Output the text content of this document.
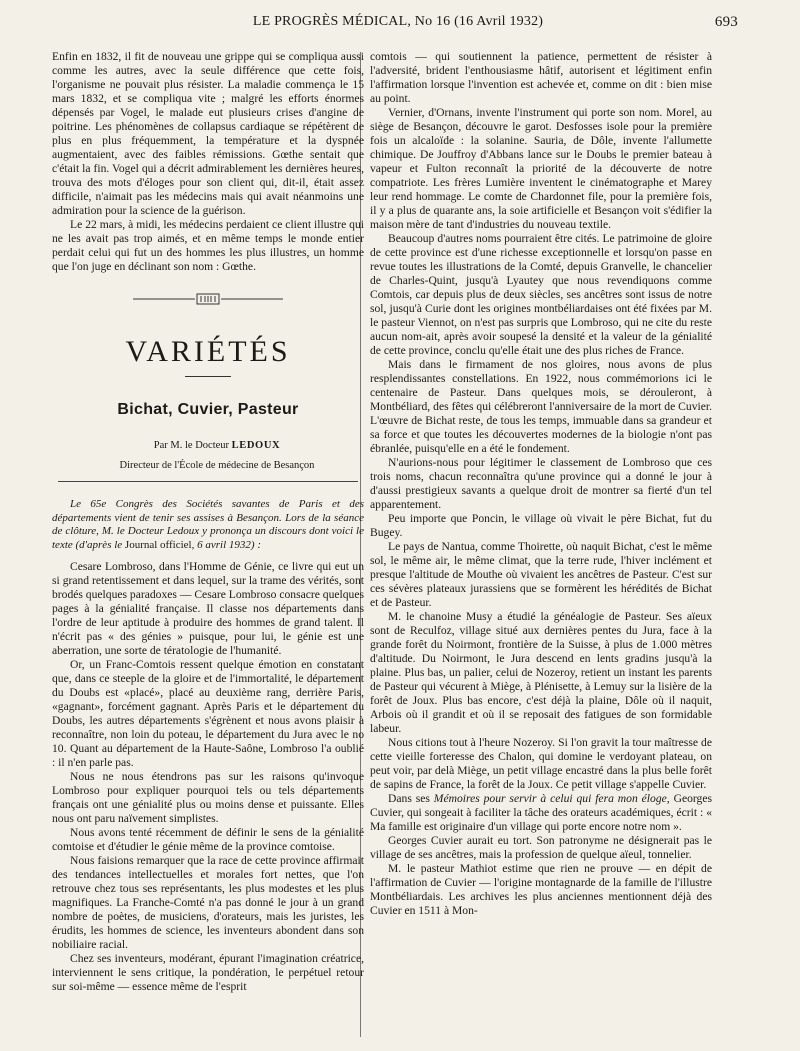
LE PROGRÈS MÉDICAL, No 16 (16 Avril 1932)	693

Enfin en 1832, il fit de nouveau une grippe qui se compliqua aussi comme les autres, avec la seule différence que cette fois, l'organisme ne pouvait plus résister. La maladie commença le 15 mars 1832, et se compliqua vite ; malgré les efforts énormes dépensés par Vogel, le malade eut plusieurs crises d'angine de poitrine. Les phénomènes de collapsus cardiaque se répétèrent de plus en plus fréquemment, la température et la dyspnée augmentaient, avec des faibles rémissions. Gœthe sentait que c'était la fin. Vogel qui a décrit admirablement les dernières heures, trouva des mots d'éloges pour son client qui, dit-il, était assez difficile, n'aimait pas les médecins mais qui avait néanmoins une admiration pour la science de la guérison.

Le 22 mars, à midi, les médecins perdaient ce client illustre qui ne les avait pas trop aimés, et en même temps le monde entier perdait celui qui fut un des hommes les plus illustres, un homme que l'on juge en déclinant son nom : Gœthe.

VARIÉTÉS
Bichat, Cuvier, Pasteur

Par M. le Docteur LEDOUX

Directeur de l'École de médecine de Besançon

Le 65e Congrès des Sociétés savantes de Paris et des départements vient de tenir ses assises à Besançon. Lors de la séance de clôture, M. le Docteur Ledoux y prononça un discours dont voici le texte (d'après le Journal officiel, 6 avril 1932) :

Cesare Lombroso, dans l'Homme de Génie, ce livre qui eut un si grand retentissement et dans lequel, sur la trame des vérités, sont brodés quelques paradoxes — Cesare Lombroso consacre quelques pages à la génialité française. Il classe nos départements dans l'ordre de leur aptitude à produire des hommes de grand talent. Il n'écrit pas « des génies » puisque, pour lui, le génie est une aberration, une sorte de tératologie de l'humanité.

Or, un Franc-Comtois ressent quelque émotion en constatant que, dans ce steeple de la gloire et de l'immortalité, le département du Doubs est «placé», placé au deuxième rang, derrière Paris, «gagnant», forcément gagnant. Après Paris et le département du Doubs, les autres départements s'égrènent et nous avons plaisir à reconnaître, non loin du poteau, le département du Jura avec le no 10. Quant au département de la Haute-Saône, Lombroso l'a oublié : il n'en parle pas.

Nous ne nous étendrons pas sur les raisons qu'invoque Lombroso pour expliquer pourquoi tels ou tels départements français ont une génialité plus ou moins dense et puissante. Elles nous ont paru naïvement simplistes.

Nous avons tenté récemment de définir le sens de la génialité comtoise et d'étudier le génie même de la province comtoise.

Nous faisions remarquer que la race de cette province affirmait des tendances intellectuelles et morales fort nettes, que l'on retrouve chez tous ses représentants, les plus modestes et les plus magnifiques. La Franche-Comté n'a pas donné le jour à un grand nombre de poètes, de musiciens, d'orateurs, mais les juristes, les érudits, les hommes de science, les inventeurs abondent dans son nobiliaire racial.

Chez ses inventeurs, modérant, épurant l'imagination créatrice, interviennent le sens critique, la pondération, le perpétuel retour sur soi-même — essence même de l'esprit

comtois — qui soutiennent la patience, permettent de résister à l'adversité, brident l'enthousiasme hâtif, autorisent et légitiment enfin l'affirmation lorsque l'invention est achevée et, comme on dit : bien mise au point.

Vernier, d'Ornans, invente l'instrument qui porte son nom. Morel, au siège de Besançon, découvre le garot. Desfosses isole pour la première fois un alcaloïde : la solanine. Sauria, de Dôle, invente l'allumette chimique. De Jouffroy d'Abbans lance sur le Doubs le premier bateau à vapeur et Fulton reconnaît la priorité de la découverte de notre compatriote. Les frères Lumière inventent le cinématographe et Marey leur rend hommage. Le comte de Chardonnet file, pour la première fois, il y a plus de quarante ans, la soie artificielle et Besançon voit s'édifier la maison mère de tant d'industries du nouveau textile.

Beaucoup d'autres noms pourraient être cités. Le patrimoine de gloire de cette province est d'une richesse exceptionnelle et lorsqu'on passe en revue toutes les illustrations de la Comté, depuis Granvelle, le chancelier de Charles-Quint, jusqu'à Lyautey que nous revendiquons comme Comtois, car depuis plus de deux siècles, ses ancêtres sont issus de notre sol, jusqu'à Curie dont les origines montbéliardaises ont été fixées par M. le pasteur Viennot, on n'est pas surpris que Lombroso, qui ne cite du reste aucun nom-ait, après avoir soupesé la densité et la valeur de la génialité de cette province, conclu qu'elle était une des plus riches de France.

Mais dans le firmament de nos gloires, nous avons de plus resplendissantes constellations. En 1922, nous commémorions ici le centenaire de Pasteur. Dans quelques mois, se dérouleront, à Montbéliard, des fêtes qui célébreront l'anniversaire de la mort de Cuvier. L'œuvre de Bichat reste, de tous les temps, immuable dans sa grandeur et sa force et que toutes les découvertes modernes de la biologie n'ont pas ébranlée, puisqu'elle en a été le fondement.

N'aurions-nous pour légitimer le classement de Lombroso que ces trois noms, chacun reconnaîtra qu'une province qui a donné le jour à d'aussi prestigieux savants a quelque droit de montrer sa fierté d'un tel apparentement.

Peu importe que Poncin, le village où vivait le père Bichat, fut du Bugey.

Le pays de Nantua, comme Thoirette, où naquit Bichat, c'est le même sol, le même air, le même climat, que la terre rude, l'hiver inclément et presque l'altitude de Mouthe où vivaient les ancêtres de Pasteur. C'est sur ces sévères plateaux jurassiens que se formèrent les hérédités de Bichat et de Pasteur.

M. le chanoine Musy a étudié la généalogie de Pasteur. Ses aïeux sont de Reculfoz, village situé aux dernières pentes du Jura, face à la grande forêt du Noirmont, frontière de la Suisse, à plus de 1.000 mètres d'altitude. Du Noirmont, le Jura descend en lents gradins jusqu'à la plaine. Plus bas, un palier, celui de Nozeroy, retient un instant les parents de Pasteur qui vécurent à Miège, à Plénisette, à Lemuy sur la lisière de la forêt de Joux. Plus bas encore, c'est déjà la plaine, Dôle où il naquit, Arbois où il grandit et où il se reposait des fatigues de son formidable labeur.

Nous citions tout à l'heure Nozeroy. Si l'on gravit la tour maîtresse de cette vieille forteresse des Chalon, qui domine le verdoyant plateau, on peut voir, par delà Miège, un petit village encastré dans la plus belle forêt de sapins de France, la forêt de la Joux. Ce petit village s'appelle Cuvier.

Dans ses Mémoires pour servir à celui qui fera mon éloge, Georges Cuvier, qui songeait à faciliter la tâche des orateurs académiques, écrit : « Ma famille est originaire d'un village qui porte encore notre nom ».

Georges Cuvier aurait eu tort. Son patronyme ne désignerait pas le village de ses ancêtres, mais la profession de quelque aïeul, tonnelier.

M. le pasteur Mathiot estime que rien ne prouve — en dépit de l'affirmation de Cuvier — l'origine montagnarde de la famille de l'illustre Montbéliardais. Les archives les plus anciennes mentionnent déjà des Cuvier en 1511 à Mon-
